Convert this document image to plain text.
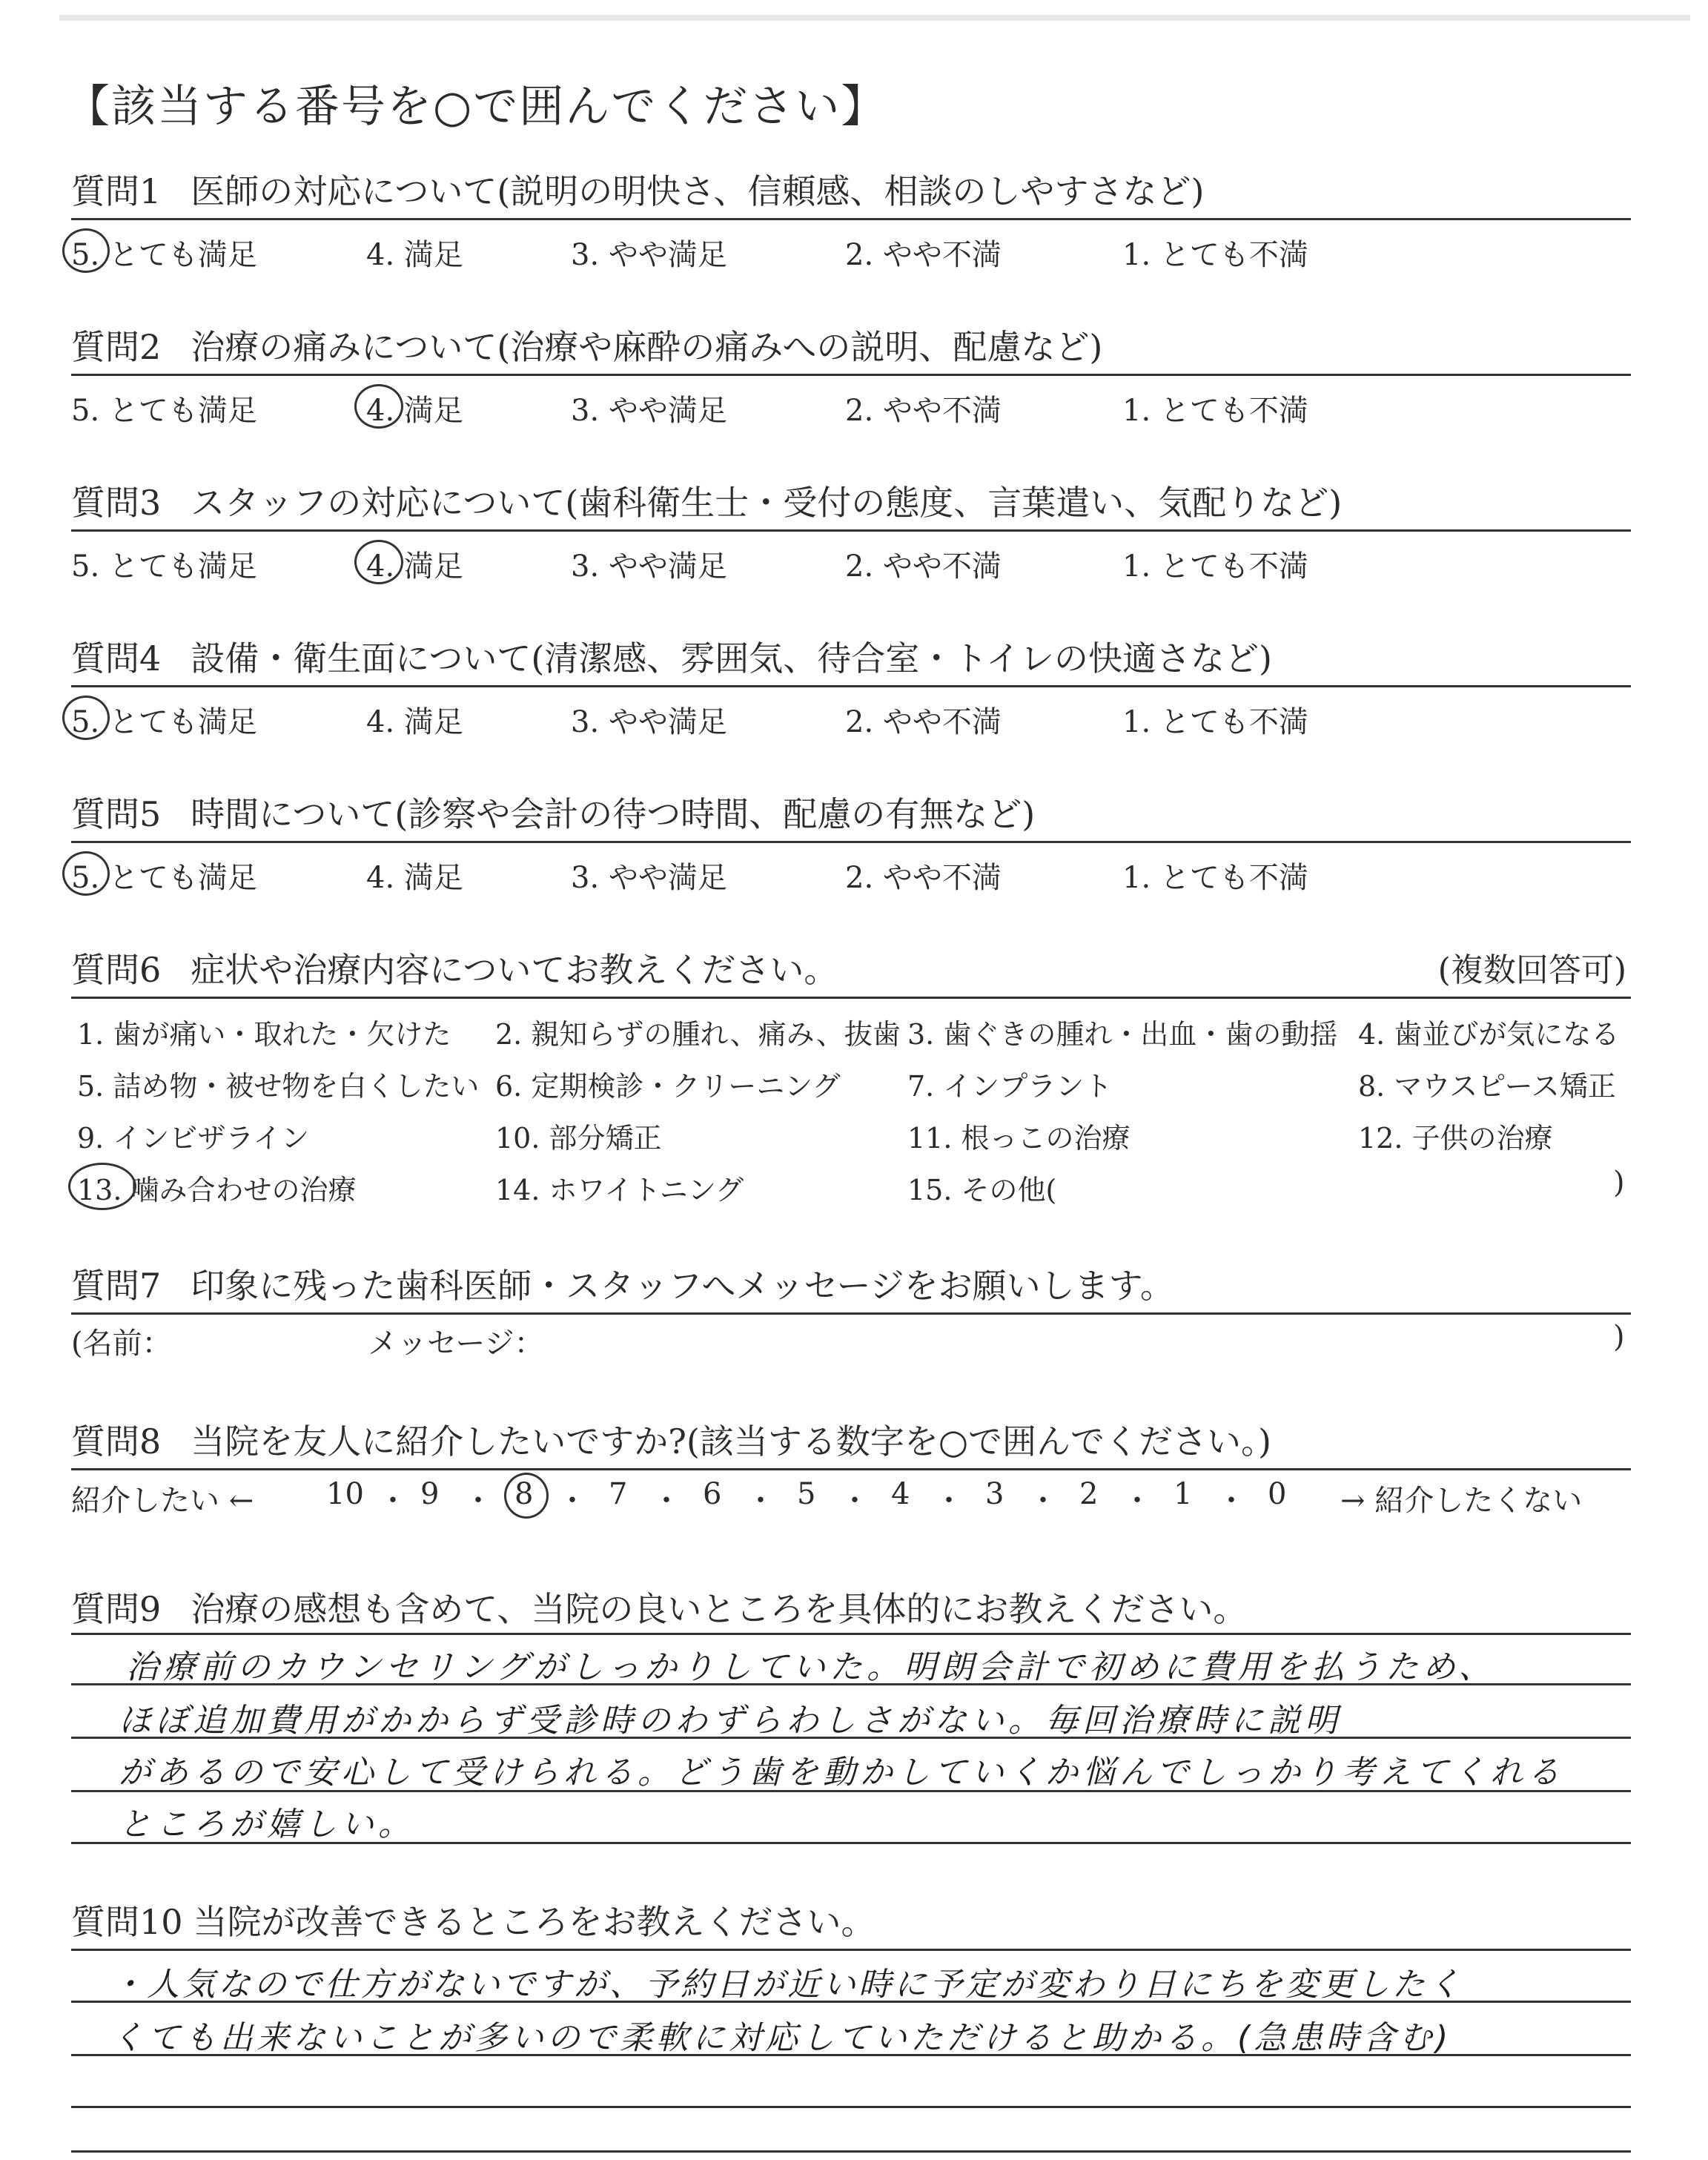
【該当する番号を○で囲んでください】
質問1 医師の対応について(説明の明快さ、信頼感、相談のしやすさなど)
5. とても満足	4. 満足	3. やや満足	2. やや不満	1. とても不満
質問2 治療の痛みについて(治療や麻酔の痛みへの説明、配慮など)
5. とても満足	4. 満足	3. やや満足	2. やや不満	1. とても不満
質問3 スタッフの対応について(歯科衛生士・受付の態度、言葉遣い、気配りなど)
5. とても満足	4. 満足	3. やや満足	2. やや不満	1. とても不満
質問4 設備・衛生面について(清潔感、雰囲気、待合室・トイレの快適さなど)
5. とても満足	4. 満足	3. やや満足	2. やや不満	1. とても不満
質問5 時間について(診察や会計の待つ時間、配慮の有無など)
5. とても満足	4. 満足	3. やや満足	2. やや不満	1. とても不満
質問6 症状や治療内容についてお教えください。	(複数回答可)
1. 歯が痛い・取れた・欠けた 2. 親知らずの腫れ、痛み、抜歯 3. 歯ぐきの腫れ・出血・歯の動揺 4. 歯並びが気になる
5. 詰め物・被せ物を白くしたい 6. 定期検診・クリーニング 7. インプラント	8. マウスピース矯正
9. インビザライン	10. 部分矯正	11. 根っこの治療	12. 子供の治療
13. 噛み合わせの治療	14. ホワイトニング	15. その他(	)
質問7 印象に残った歯科医師・スタッフへメッセージをお願いします。
(名前：	メッセージ：	)
質問8 当院を友人に紹介したいですか?(該当する数字を○で囲んでください。)
紹介したい ← 10 ・ 9 ・ 8 ・ 7 ・ 6 ・ 5 ・ 4 ・ 3 ・ 2 ・ 1 ・ 0 → 紹介したくない
質問9 治療の感想も含めて、当院の良いところを具体的にお教えください。
治療前のカウンセリングがしっかりしていた。明朗会計で初めに費用を払うため、
ほぼ追加費用がかからず受診時のわずらわしさがない。毎回治療時に説明
があるので安心して受けられる。どう歯を動かしていくか悩んでしっかり考えてくれる
ところが嬉しい。
質問10 当院が改善できるところをお教えください。
・人気なので仕方がないですが、予約日が近い時に予定が変わり日にちを変更したく
くても出来ないことが多いので柔軟に対応していただけると助かる。(急患時含む)
